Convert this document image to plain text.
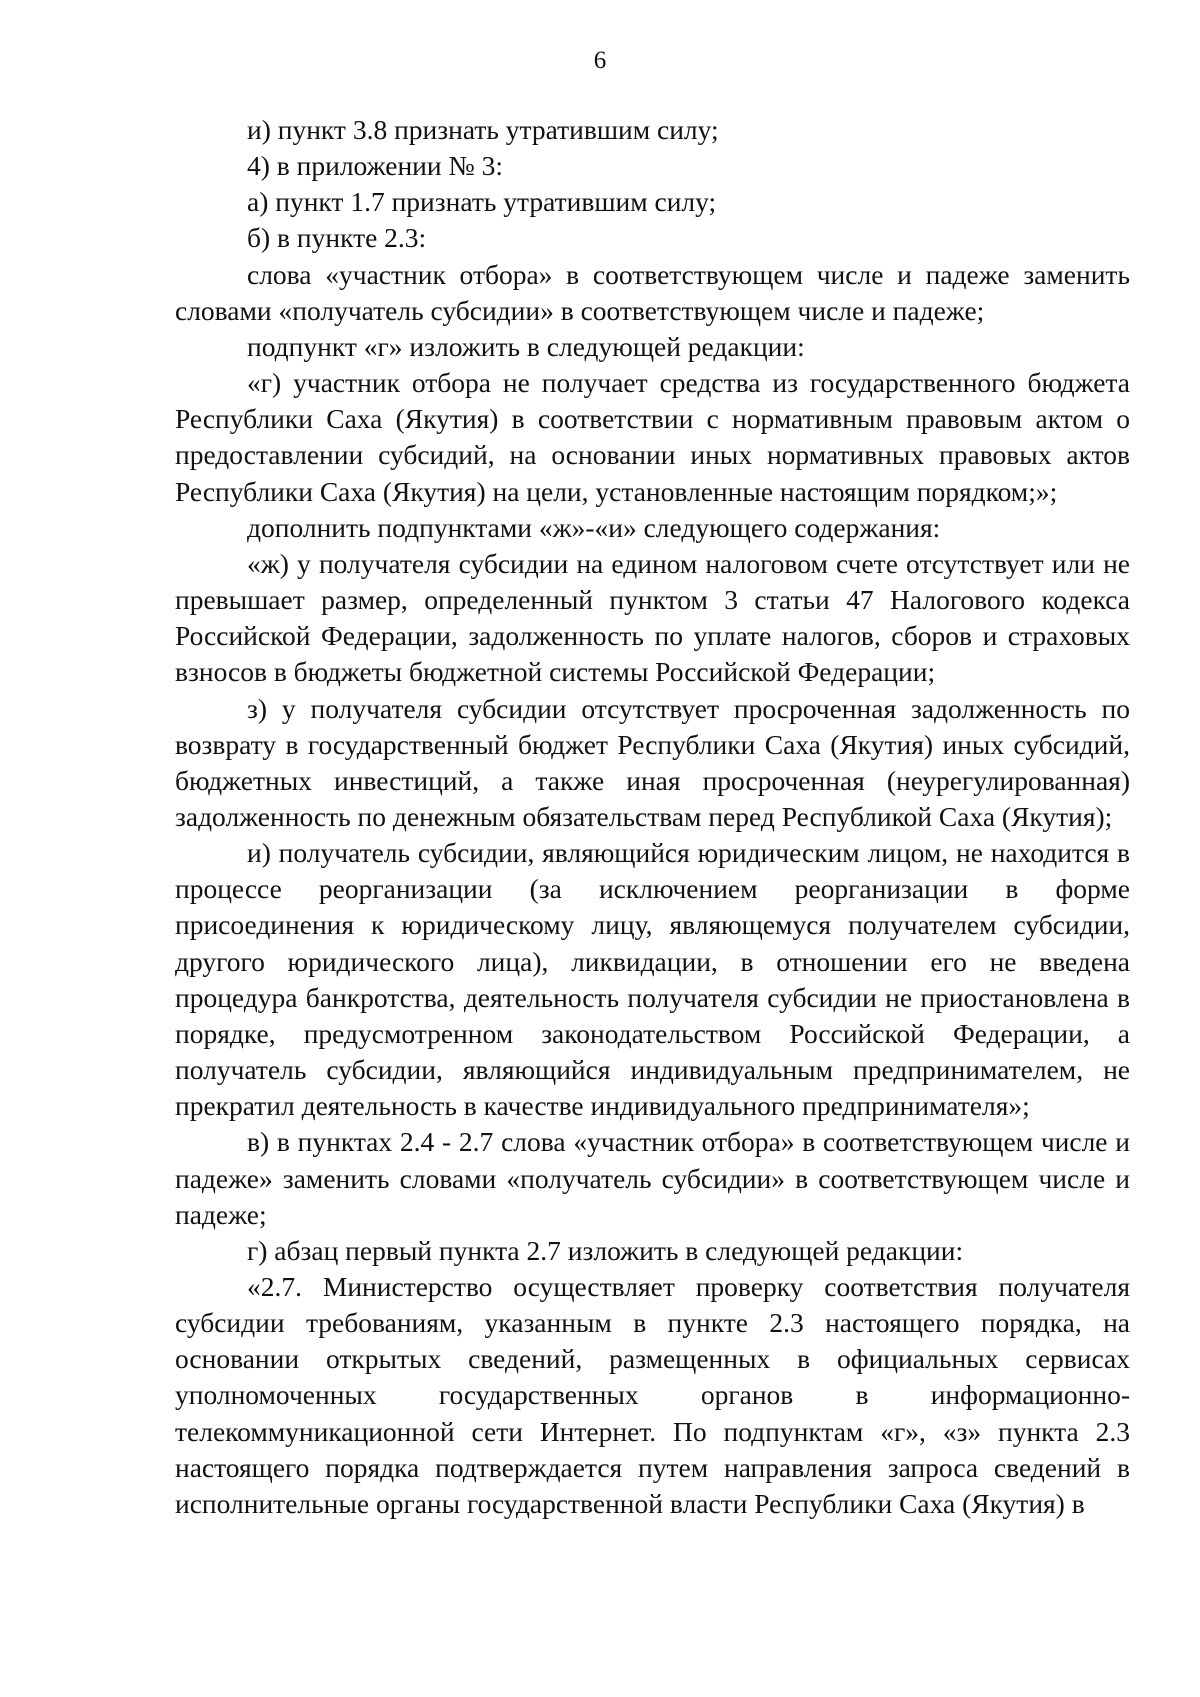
6

и) пункт 3.8 признать утратившим силу;

4) в приложении № 3:

а) пункт 1.7 признать утратившим силу;

б) в пункте 2.3:

слова «участник отбора» в соответствующем числе и падеже заменить словами «получатель субсидии» в соответствующем числе и падеже;

подпункт «г» изложить в следующей редакции:

«г) участник отбора не получает средства из государственного бюджета Республики Саха (Якутия) в соответствии с нормативным правовым актом о предоставлении субсидий, на основании иных нормативных правовых актов Республики Саха (Якутия) на цели, установленные настоящим порядком;»;

дополнить подпунктами «ж»-«и» следующего содержания:

«ж) у получателя субсидии на едином налоговом счете отсутствует или не превышает размер, определенный пунктом 3 статьи 47 Налогового кодекса Российской Федерации, задолженность по уплате налогов, сборов и страховых взносов в бюджеты бюджетной системы Российской Федерации;

з) у получателя субсидии отсутствует просроченная задолженность по возврату в государственный бюджет Республики Саха (Якутия) иных субсидий, бюджетных инвестиций, а также иная просроченная (неурегулированная) задолженность по денежным обязательствам перед Республикой Саха (Якутия);

и) получатель субсидии, являющийся юридическим лицом, не находится в процессе реорганизации (за исключением реорганизации в форме присоединения к юридическому лицу, являющемуся получателем субсидии, другого юридического лица), ликвидации, в отношении его не введена процедура банкротства, деятельность получателя субсидии не приостановлена в порядке, предусмотренном законодательством Российской Федерации, а получатель субсидии, являющийся индивидуальным предпринимателем, не прекратил деятельность в качестве индивидуального предпринимателя»;

в) в пунктах 2.4 - 2.7 слова «участник отбора» в соответствующем числе и падеже» заменить словами «получатель субсидии» в соответствующем числе и падеже;

г) абзац первый пункта 2.7 изложить в следующей редакции:

«2.7. Министерство осуществляет проверку соответствия получателя субсидии требованиям, указанным в пункте 2.3 настоящего порядка, на основании открытых сведений, размещенных в официальных сервисах уполномоченных государственных органов в информационно-телекоммуникационной сети Интернет. По подпунктам «г», «з» пункта 2.3 настоящего порядка подтверждается путем направления запроса сведений в исполнительные органы государственной власти Республики Саха (Якутия) в
